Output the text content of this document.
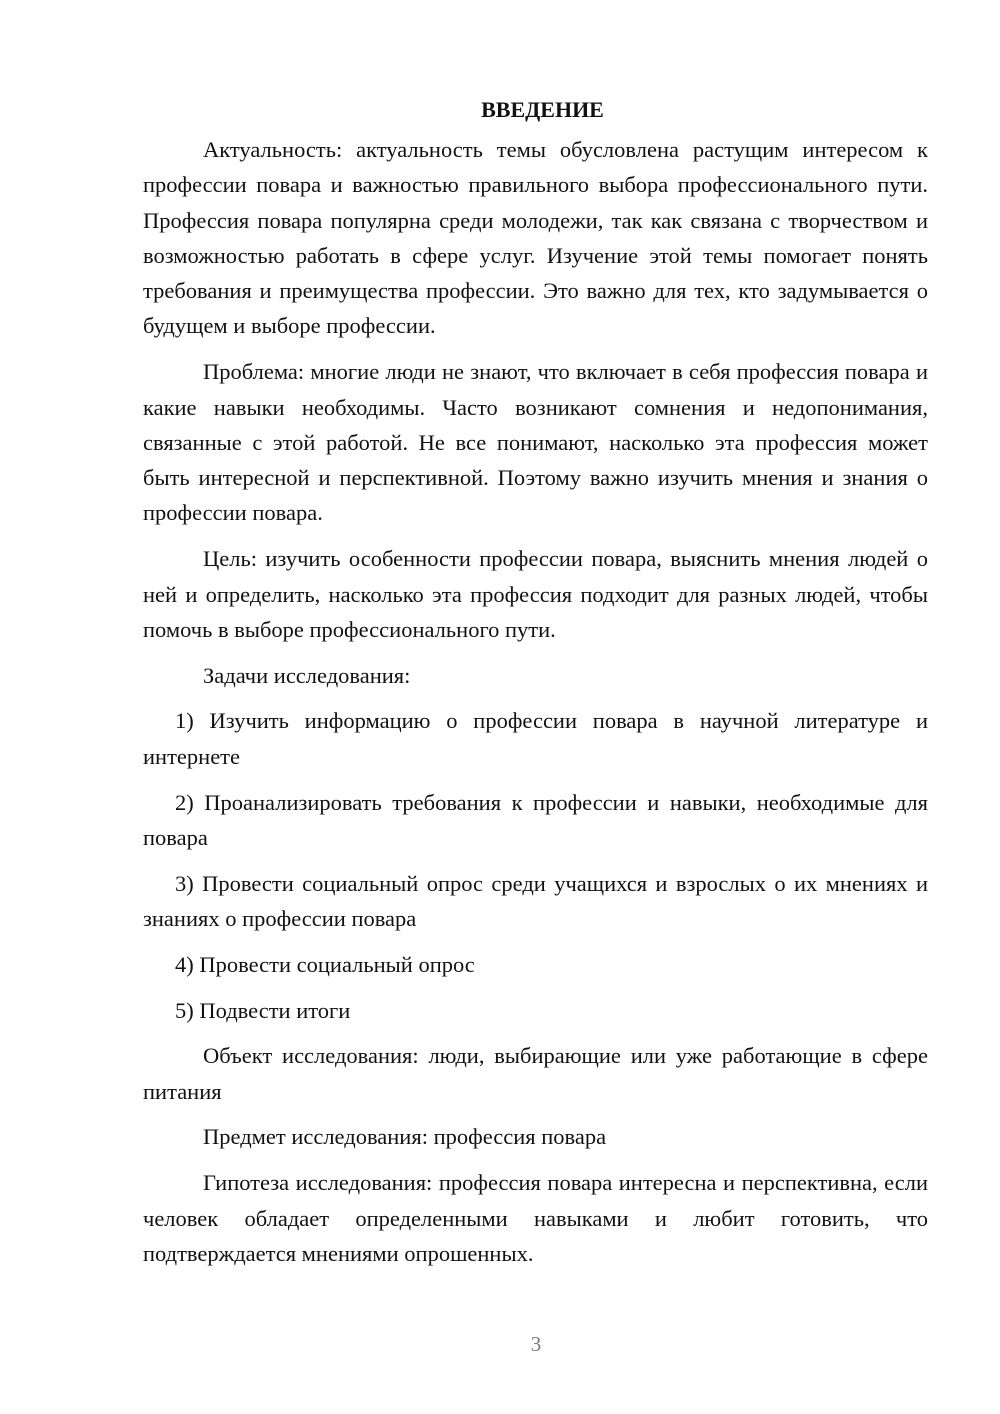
ВВЕДЕНИЕ

Актуальность: актуальность темы обусловлена растущим интересом к профессии повара и важностью правильного выбора профессионального пути. Профессия повара популярна среди молодежи, так как связана с творчеством и возможностью работать в сфере услуг. Изучение этой темы помогает понять требования и преимущества профессии. Это важно для тех, кто задумывается о будущем и выборе профессии.

Проблема: многие люди не знают, что включает в себя профессия повара и какие навыки необходимы. Часто возникают сомнения и недопонимания, связанные с этой работой. Не все понимают, насколько эта профессия может быть интересной и перспективной. Поэтому важно изучить мнения и знания о профессии повара.

Цель: изучить особенности профессии повара, выяснить мнения людей о ней и определить, насколько эта профессия подходит для разных людей, чтобы помочь в выборе профессионального пути.

Задачи исследования:

1) Изучить информацию о профессии повара в научной литературе и интернете

2) Проанализировать требования к профессии и навыки, необходимые для повара

3) Провести социальный опрос среди учащихся и взрослых о их мнениях и знаниях о профессии повара

4) Провести социальный опрос

5) Подвести итоги

Объект исследования: люди, выбирающие или уже работающие в сфере питания

Предмет исследования: профессия повара

Гипотеза исследования: профессия повара интересна и перспективна, если человек обладает определенными навыками и любит готовить, что подтверждается мнениями опрошенных.

3
